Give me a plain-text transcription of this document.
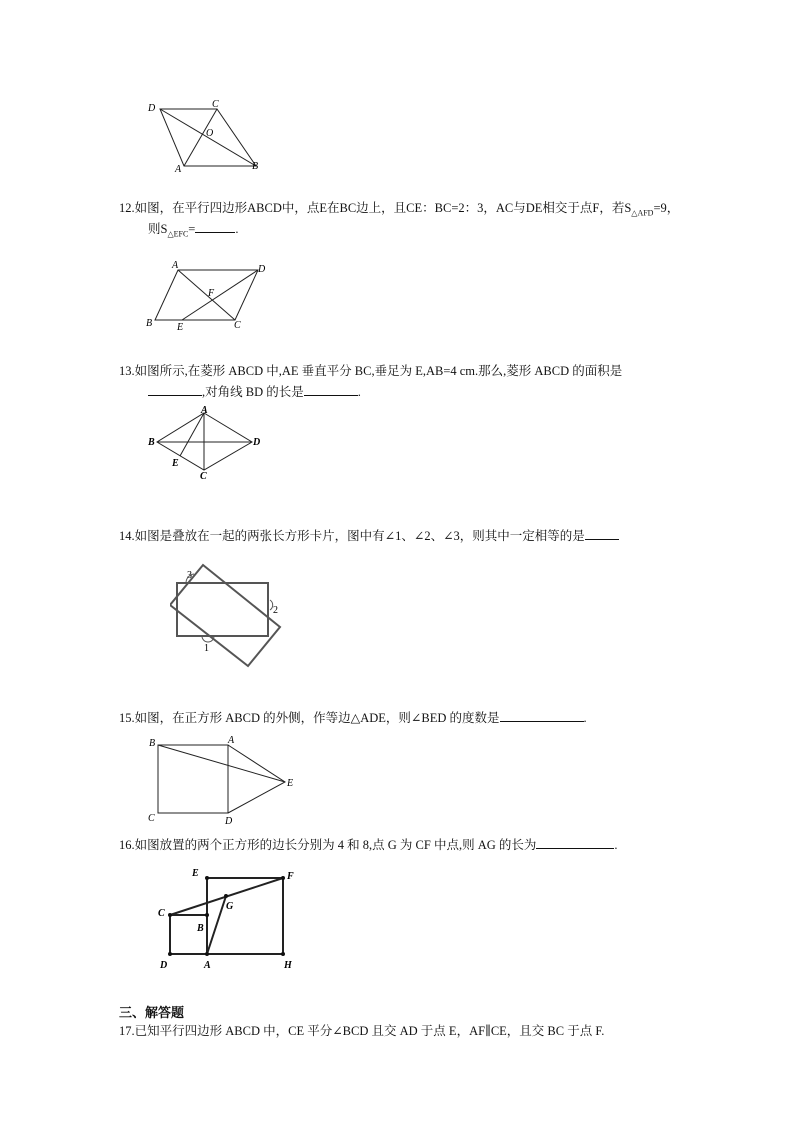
D	C
O
A	B
12.如图，在平行四边形ABCD中，点E在BC边上，且CE：BC=2：3，AC与DE相交于点F，若$S_{\triangle AFD}=9$，
则$S_{\triangle EFC}=$	.
A	D
F
B E	C
13.如图所示,在菱形 ABCD 中,AE 垂直平分 BC,垂足为 E,AB=4 cm.那么,菱形 ABCD 的面积是
,对角线 BD 的长是	.
A
B	D
E
C
14.如图是叠放在一起的两张长方形卡片，图中有∠1、∠2、∠3，则其中一定相等的是
3
2
1
15.如图，在正方形 ABCD 的外侧，作等边△ADE，则∠BED 的度数是	.
B	A
E
C	D
16.如图放置的两个正方形的边长分别为 4 和 8,点 G 为 CF 中点,则 AG 的长为	.
E	F
C
G
B
D	A	H
三、解答题
17.已知平行四边形 ABCD 中，CE 平分∠BCD 且交 AD 于点 E，AF∥CE，且交 BC 于点 F.
